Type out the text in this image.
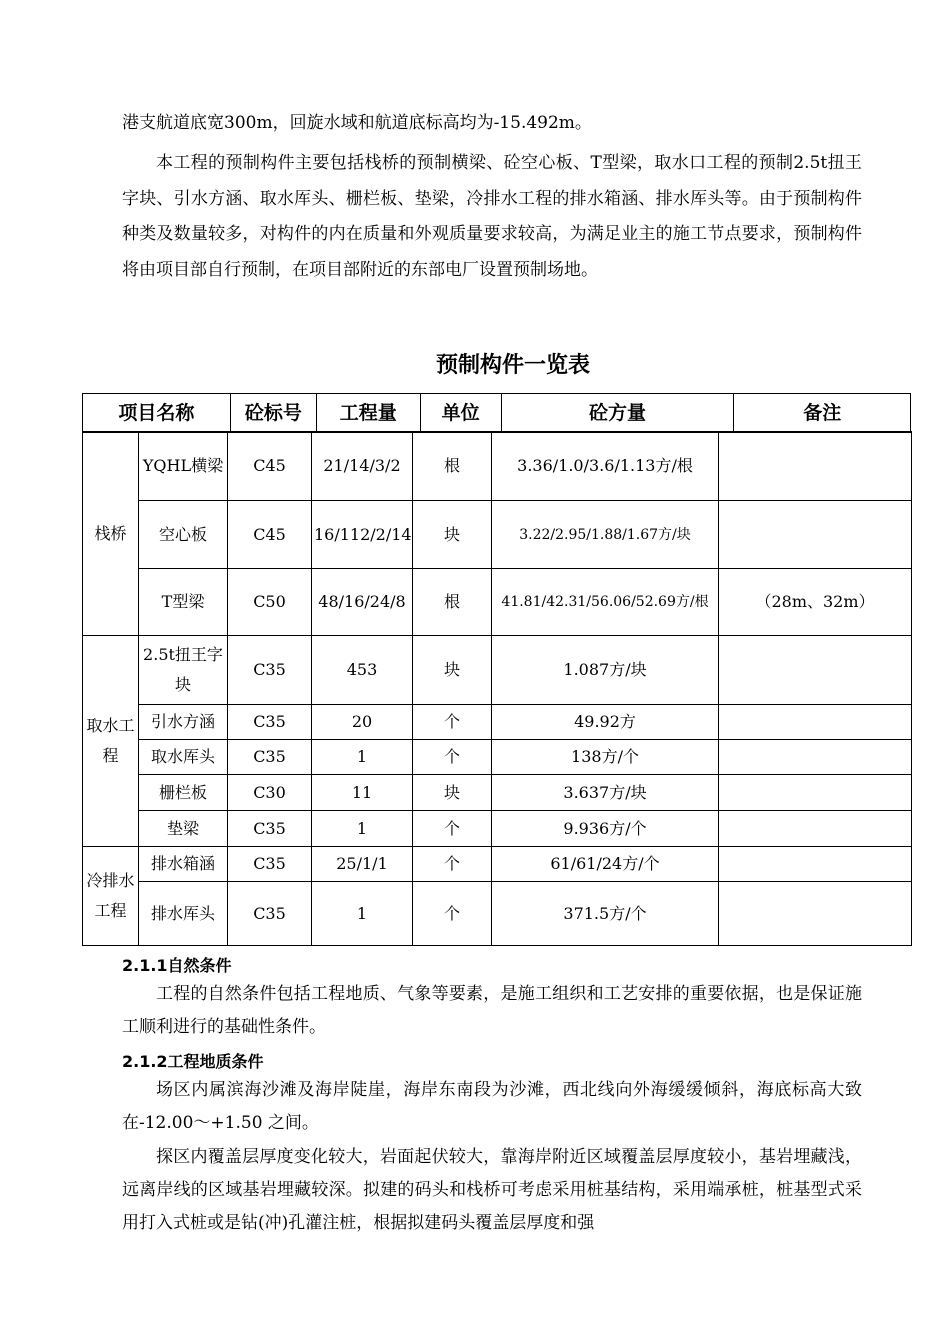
港支航道底宽300m，回旋水域和航道底标高均为-15.492m。

本工程的预制构件主要包括栈桥的预制横梁、砼空心板、T型梁，取水口工程的预制2.5t扭王字块、引水方涵、取水厍头、栅栏板、垫梁，冷排水工程的排水箱涵、排水厍头等。由于预制构件种类及数量较多，对构件的内在质量和外观质量要求较高，为满足业主的施工节点要求，预制构件将由项目部自行预制，在项目部附近的东部电厂设置预制场地。

预制构件一览表
项目名称	砼标号	工程量	单位	砼方量	备注
栈桥	YQHL横梁	C45	21/14/3/2	根	3.36/1.0/3.6/1.13方/根	
	空心板	C45	16/112/2/14	块	3.22/2.95/1.88/1.67方/块	
	T型梁	C50	48/16/24/8	根	41.81/42.31/56.06/52.69方/根	（28m、32m）
取水工程	2.5t扭王字块	C35	453	块	1.087方/块	
	引水方涵	C35	20	个	49.92方	
	取水厍头	C35	1	个	138方/个	
	栅栏板	C30	11	块	3.637方/块	
	垫梁	C35	1	个	9.936方/个	
冷排水工程	排水箱涵	C35	25/1/1	个	61/61/24方/个	
	排水厍头	C35	1	个	371.5方/个	

2.1.1自然条件

工程的自然条件包括工程地质、气象等要素，是施工组织和工艺安排的重要依据，也是保证施工顺利进行的基础性条件。

2.1.2工程地质条件

场区内属滨海沙滩及海岸陡崖，海岸东南段为沙滩，西北线向外海缓缓倾斜，海底标高大致在-12.00～+1.50 之间。

探区内覆盖层厚度变化较大，岩面起伏较大，靠海岸附近区域覆盖层厚度较小，基岩埋藏浅，远离岸线的区域基岩埋藏较深。拟建的码头和栈桥可考虑采用桩基结构，采用端承桩，桩基型式采用打入式桩或是钻(冲)孔灌注桩，根据拟建码头覆盖层厚度和强
